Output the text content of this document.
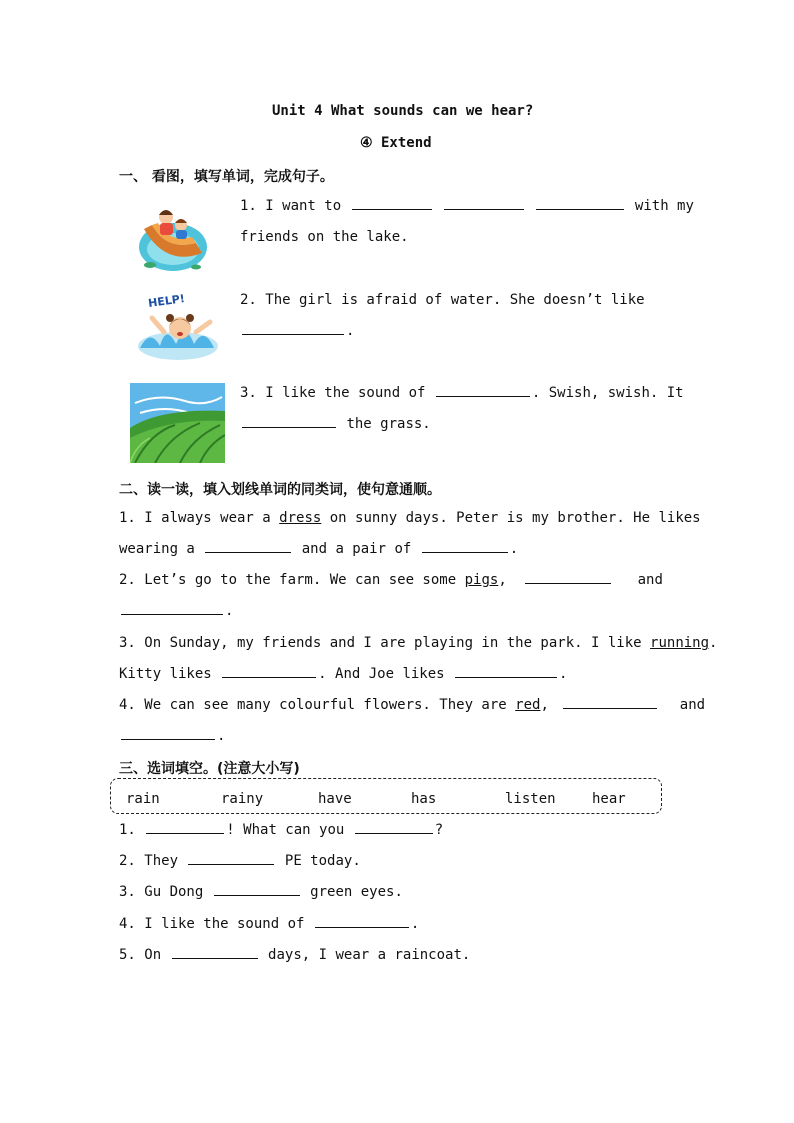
Unit 4 What sounds can we hear?
④ Extend
一、 看图，填写单词，完成句子。
1. I want to	with my
friends on the lake.
HELP!	2. The girl is afraid of water. She doesn’t like
.
3. I like the sound of	. Swish, swish. It
the grass.
二、读一读，填入划线单词的同类词，使句意通顺。
1. I always wear a dress on sunny days. Peter is my brother. He likes
wearing a	and a pair of	.
2. Let’s go to the farm. We can see some pigs,	and
.
3. On Sunday, my friends and I are playing in the park. I like running.
Kitty likes	. And Joe likes	.
4. We can see many colourful flowers. They are red,	and
.
三、选词填空。(注意大小写)
rain	rainy	have	has	listen	hear
1.	! What can you	?
2. They	PE today.
3. Gu Dong	green eyes.
4. I like the sound of	.
5. On	days, I wear a raincoat.
